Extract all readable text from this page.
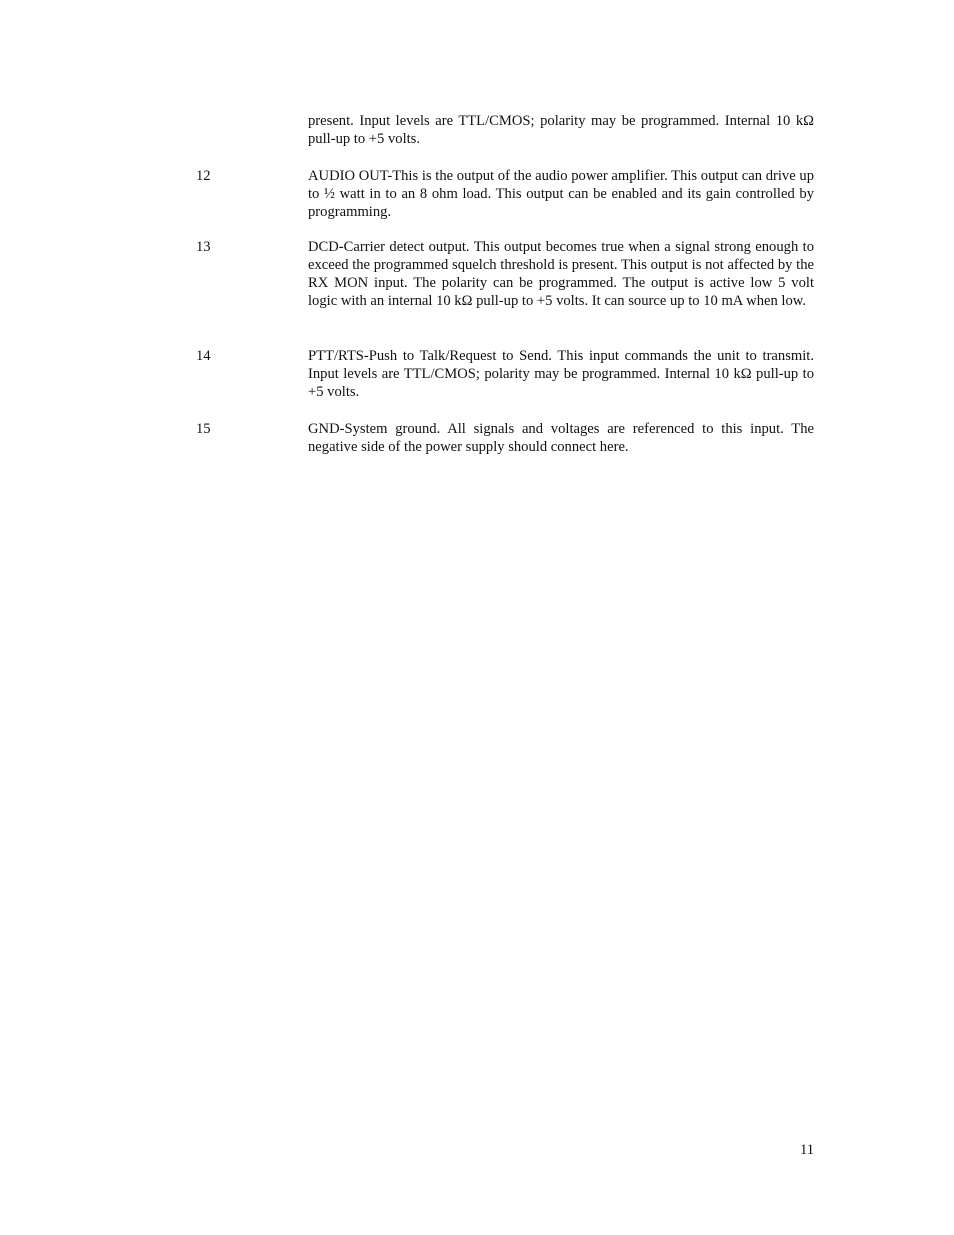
present. Input levels are TTL/CMOS; polarity may be programmed. Internal 10 kΩ pull-up to +5 volts.

12	AUDIO OUT-This is the output of the audio power amplifier. This output can drive up to ½ watt in to an 8 ohm load. This output can be enabled and its gain controlled by programming.

13	DCD-Carrier detect output. This output becomes true when a signal strong enough to exceed the programmed squelch threshold is present. This output is not affected by the RX MON input. The polarity can be programmed. The output is active low 5 volt logic with an internal 10 kΩ pull-up to +5 volts. It can source up to 10 mA when low.

14	PTT/RTS-Push to Talk/Request to Send. This input commands the unit to transmit. Input levels are TTL/CMOS; polarity may be programmed. Internal 10 kΩ pull-up to +5 volts.

15	GND-System ground. All signals and voltages are referenced to this input. The negative side of the power supply should connect here.

11
